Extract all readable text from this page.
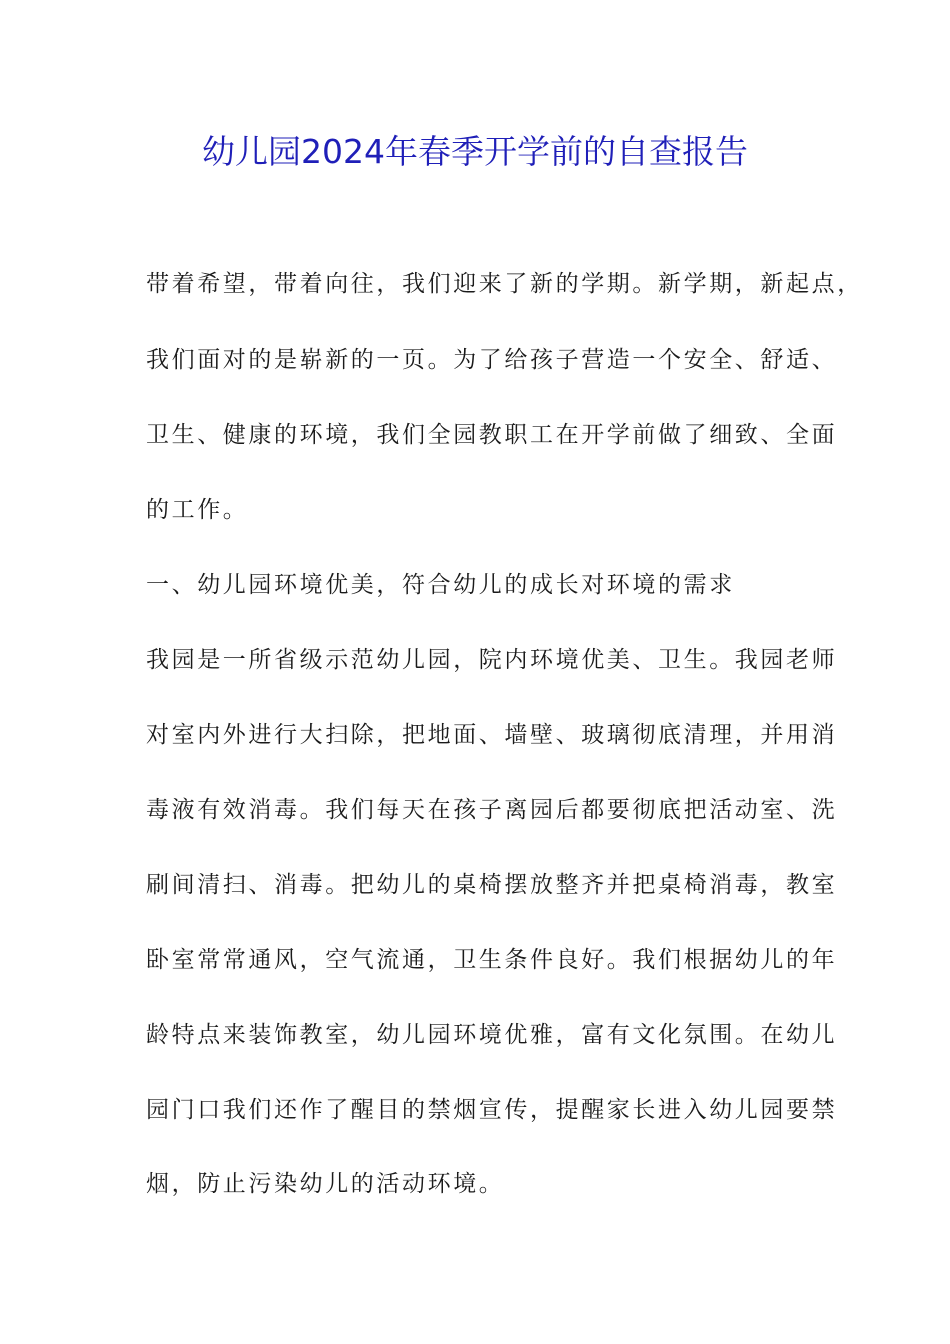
幼儿园2024年春季开学前的自查报告
带着希望，带着向往，我们迎来了新的学期。新学期，新起点，
我们面对的是崭新的一页。为了给孩子营造一个安全、舒适、
卫生、健康的环境，我们全园教职工在开学前做了细致、全面
的工作。
一、幼儿园环境优美，符合幼儿的成长对环境的需求
我园是一所省级示范幼儿园，院内环境优美、卫生。我园老师
对室内外进行大扫除，把地面、墙壁、玻璃彻底清理，并用消
毒液有效消毒。我们每天在孩子离园后都要彻底把活动室、洗
刷间清扫、消毒。把幼儿的桌椅摆放整齐并把桌椅消毒，教室
卧室常常通风，空气流通，卫生条件良好。我们根据幼儿的年
龄特点来装饰教室，幼儿园环境优雅，富有文化氛围。在幼儿
园门口我们还作了醒目的禁烟宣传，提醒家长进入幼儿园要禁
烟，防止污染幼儿的活动环境。
